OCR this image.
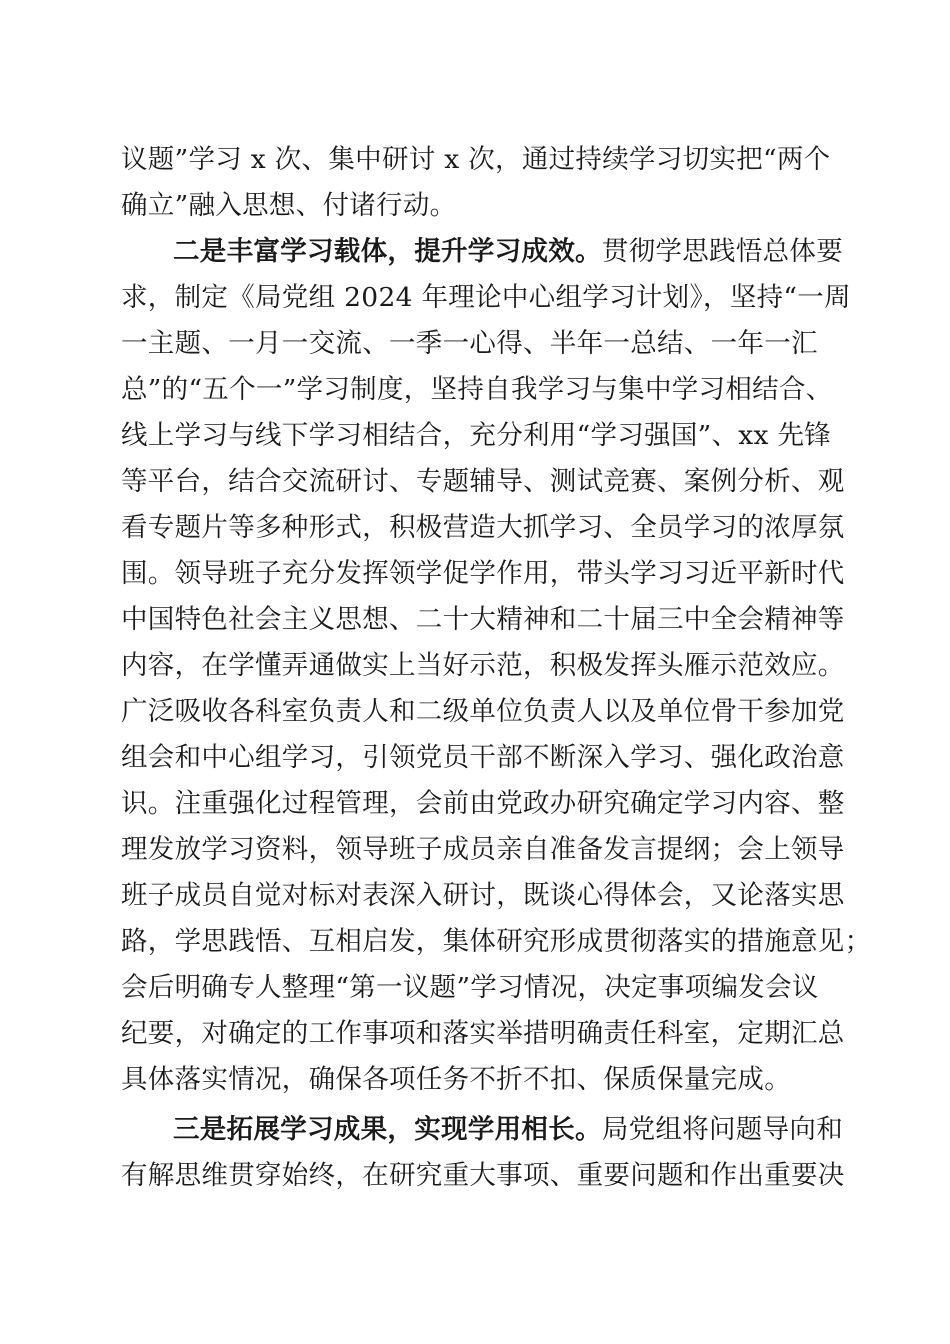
议题”学习 x 次、集中研讨 x 次，通过持续学习切实把“两个
确立”融入思想、付诸行动。
二是丰富学习载体，提升学习成效。贯彻学思践悟总体要
求，制定《局党组 2024 年理论中心组学习计划》，坚持“一周
一主题、一月一交流、一季一心得、半年一总结、一年一汇
总”的“五个一”学习制度，坚持自我学习与集中学习相结合、
线上学习与线下学习相结合，充分利用“学习强国”、xx 先锋
等平台，结合交流研讨、专题辅导、测试竞赛、案例分析、观
看专题片等多种形式，积极营造大抓学习、全员学习的浓厚氛
围。领导班子充分发挥领学促学作用，带头学习习近平新时代
中国特色社会主义思想、二十大精神和二十届三中全会精神等
内容，在学懂弄通做实上当好示范，积极发挥头雁示范效应。
广泛吸收各科室负责人和二级单位负责人以及单位骨干参加党
组会和中心组学习，引领党员干部不断深入学习、强化政治意
识。注重强化过程管理，会前由党政办研究确定学习内容、整
理发放学习资料，领导班子成员亲自准备发言提纲；会上领导
班子成员自觉对标对表深入研讨，既谈心得体会，又论落实思
路，学思践悟、互相启发，集体研究形成贯彻落实的措施意见；
会后明确专人整理“第一议题”学习情况，决定事项编发会议
纪要，对确定的工作事项和落实举措明确责任科室，定期汇总
具体落实情况，确保各项任务不折不扣、保质保量完成。
三是拓展学习成果，实现学用相长。局党组将问题导向和
有解思维贯穿始终，在研究重大事项、重要问题和作出重要决
